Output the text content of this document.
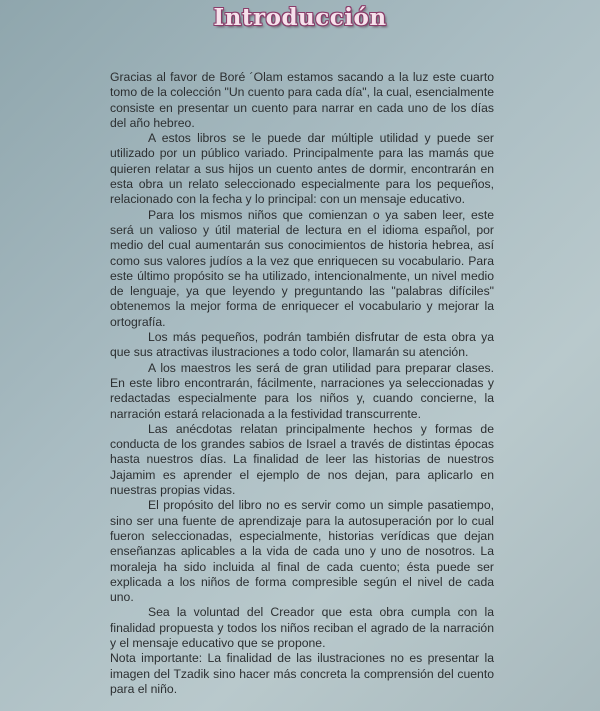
Introducción

Gracias al favor de Boré ´Olam estamos sacando a la luz este cuarto tomo de la colección "Un cuento para cada día", la cual, esencialmente consiste en presentar un cuento para narrar en cada uno de los días del año hebreo.

A estos libros se le puede dar múltiple utilidad y puede ser utilizado por un público variado. Principalmente para las mamás que quieren relatar a sus hijos un cuento antes de dormir, encontrarán en esta obra un relato seleccionado especialmente para los pequeños, relacionado con la fecha y lo principal: con un mensaje educativo.

Para los mismos niños que comienzan o ya saben leer, este será un valioso y útil material de lectura en el idioma español, por medio del cual aumentarán sus conocimientos de historia hebrea, así como sus valores judíos a la vez que enriquecen su vocabulario. Para este último propósito se ha utilizado, intencionalmente, un nivel medio de lenguaje, ya que leyendo y preguntando las "palabras difíciles" obtenemos la mejor forma de enriquecer el vocabulario y mejorar la ortografía.

Los más pequeños, podrán también disfrutar de esta obra ya que sus atractivas ilustraciones a todo color, llamarán su atención.

A los maestros les será de gran utilidad para preparar clases. En este libro encontrarán, fácilmente, narraciones ya seleccionadas y redactadas especialmente para los niños y, cuando concierne, la narración estará relacionada a la festividad transcurrente.

Las anécdotas relatan principalmente hechos y formas de conducta de los grandes sabios de Israel a través de distintas épocas hasta nuestros días. La finalidad de leer las historias de nuestros Jajamim es aprender el ejemplo de nos dejan, para aplicarlo en nuestras propias vidas.

El propósito del libro no es servir como un simple pasatiempo, sino ser una fuente de aprendizaje para la autosuperación por lo cual fueron seleccionadas, especialmente, historias verídicas que dejan enseñanzas aplicables a la vida de cada uno y uno de nosotros. La moraleja ha sido incluida al final de cada cuento; ésta puede ser explicada a los niños de forma compresible según el nivel de cada uno.

Sea la voluntad del Creador que esta obra cumpla con la finalidad propuesta y todos los niños reciban el agrado de la narración y el mensaje educativo que se propone.

Nota importante: La finalidad de las ilustraciones no es presentar la imagen del Tzadik sino hacer más concreta la comprensión del cuento para el niño.
